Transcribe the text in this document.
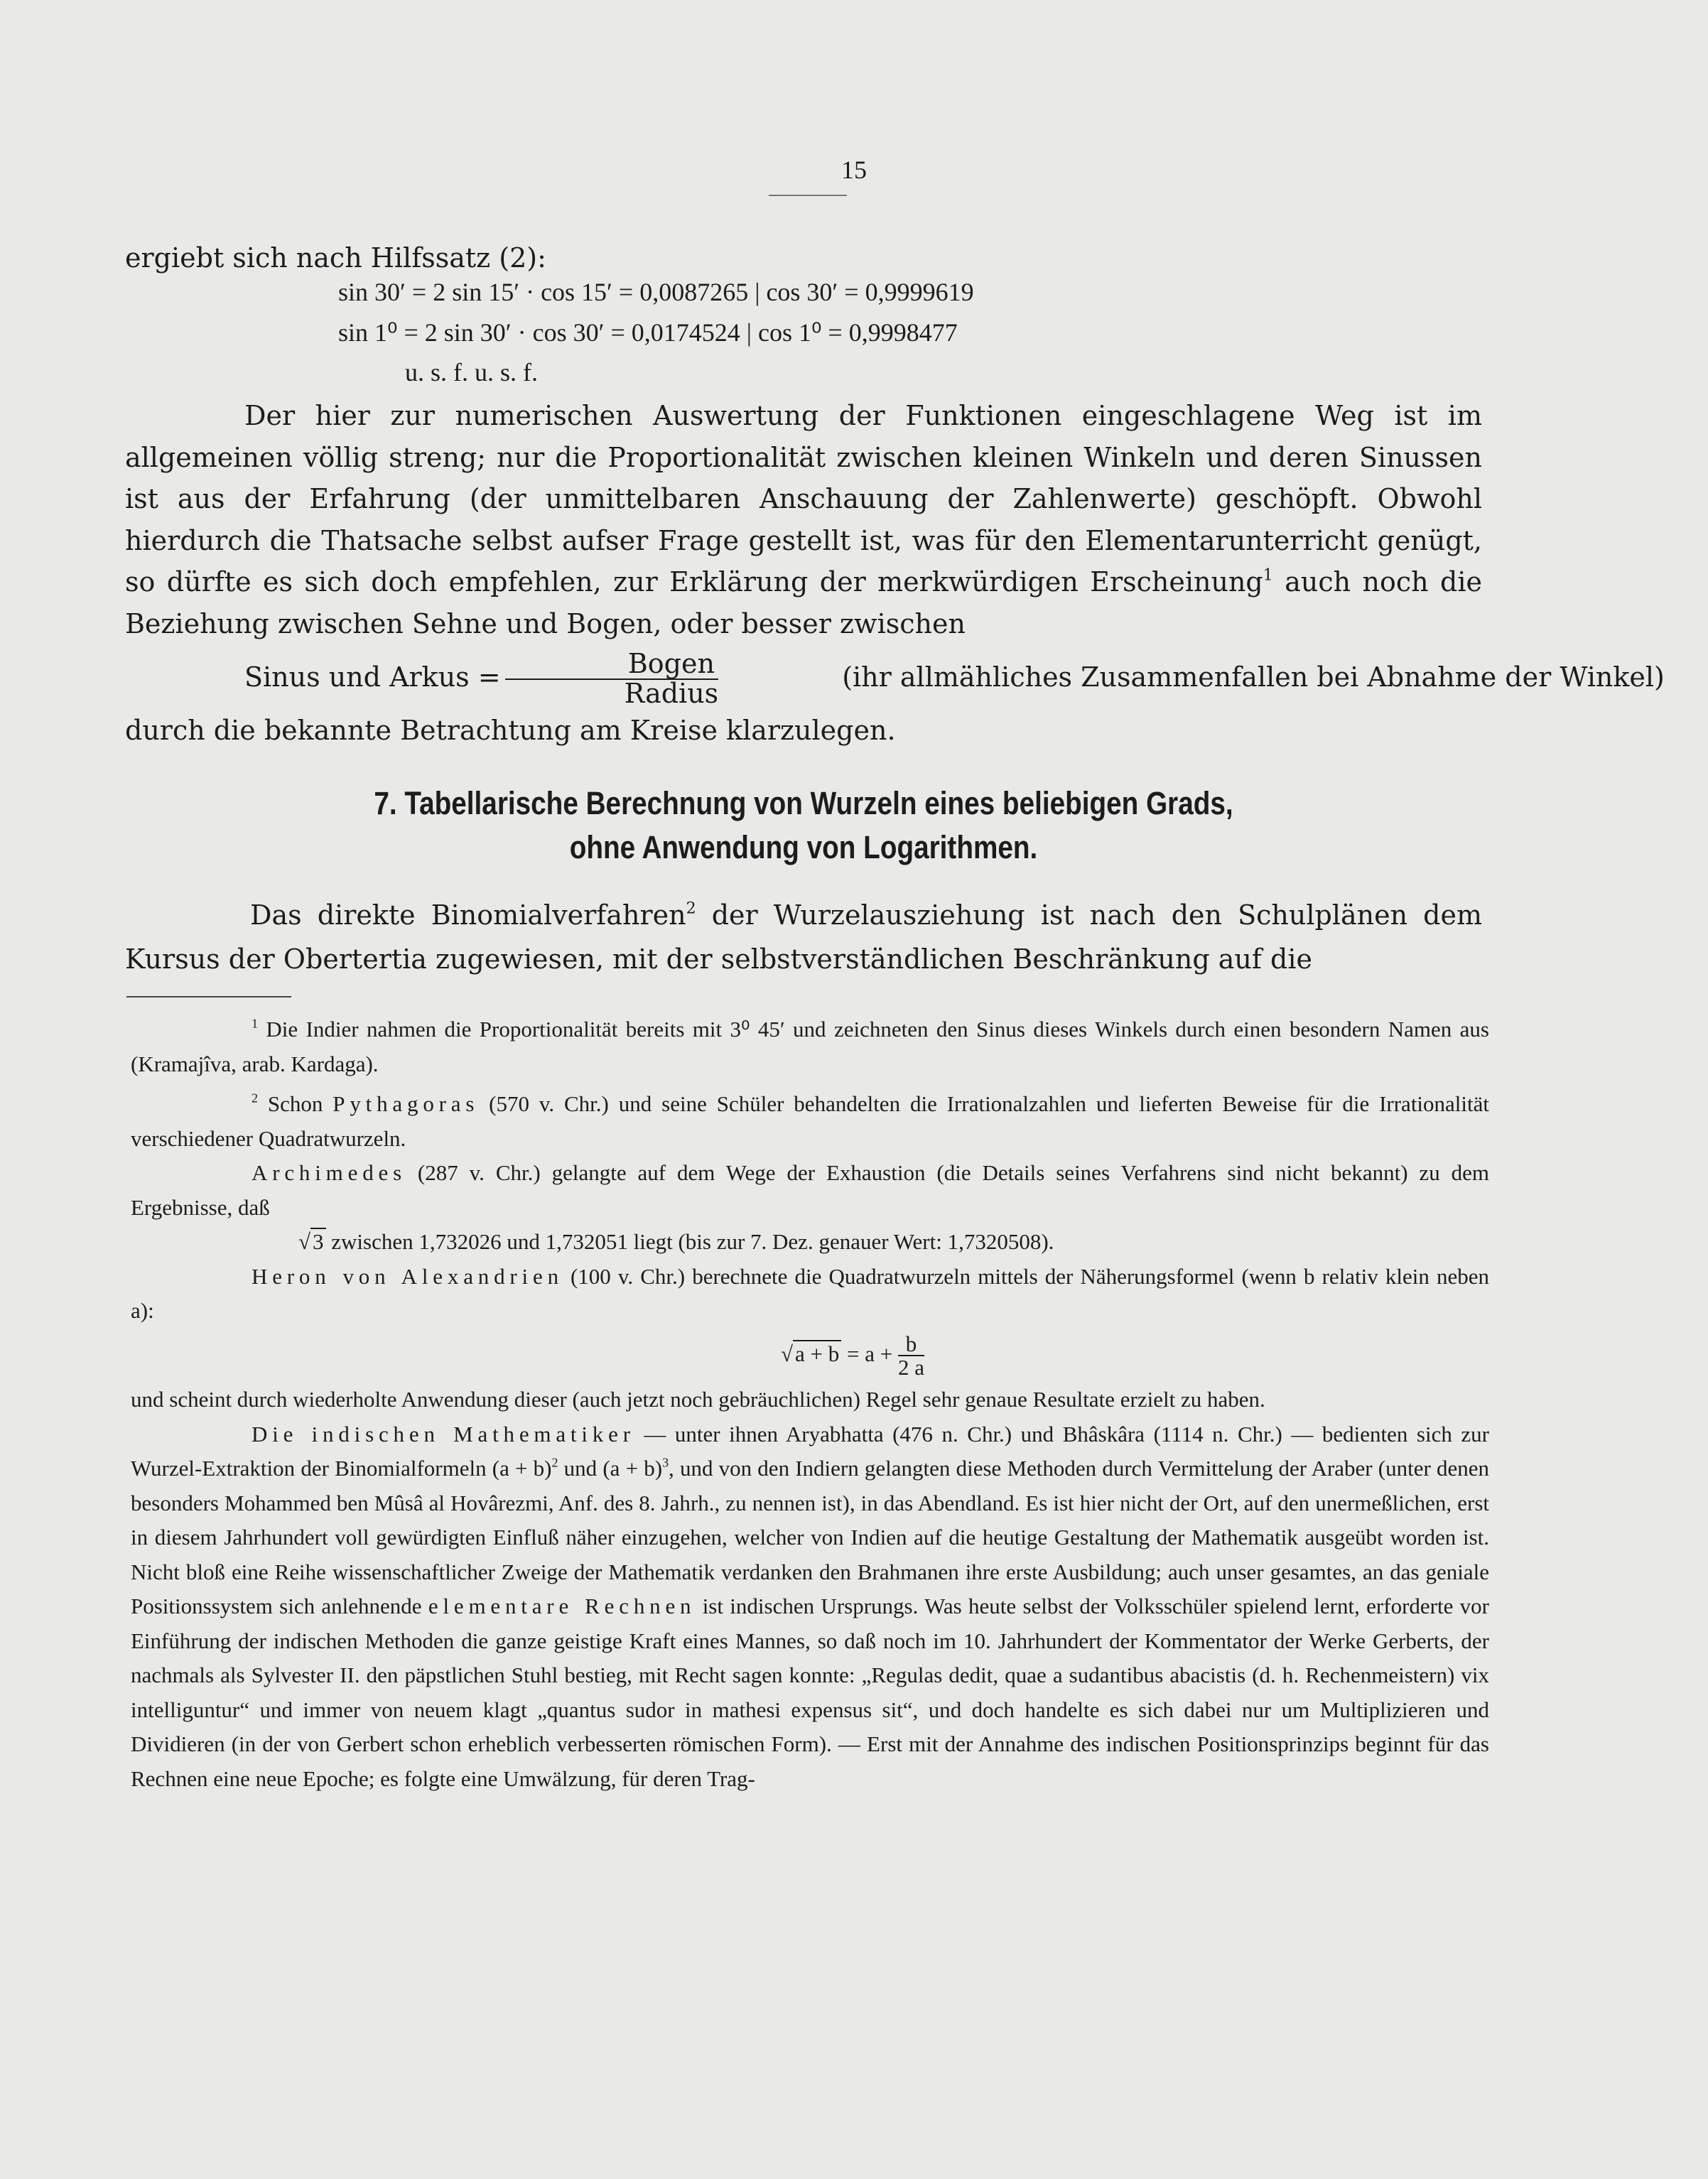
15
ergiebt sich nach Hilfssatz (2):
sin 30′ = 2 sin 15′ · cos 15′ = 0,0087265 | cos 30′ = 0,9999619
sin 1⁰ = 2 sin 30′ · cos 30′ = 0,0174524 | cos 1⁰ = 0,9998477
u. s. f. u. s. f.
Der hier zur numerischen Auswertung der Funktionen eingeschlagene Weg ist im allgemeinen völlig streng; nur die Proportionalität zwischen kleinen Winkeln und deren Sinussen ist aus der Erfahrung (der unmittelbaren Anschauung der Zahlenwerte) geschöpft. Obwohl hierdurch die Thatsache selbst aufser Frage gestellt ist, was für den Elementarunterricht genügt, so dürfte es sich doch empfehlen, zur Erklärung der merkwürdigen Erscheinung$^1$ auch noch die Beziehung zwischen Sehne und Bogen, oder besser zwischen
Sinus und Arkus = $\frac{\text{Bogen}}{\text{Radius}}$	(ihr allmähliches Zusammenfallen bei Abnahme der Winkel)
durch die bekannte Betrachtung am Kreise klarzulegen.
7. Tabellarische Berechnung von Wurzeln eines beliebigen Grads,
ohne Anwendung von Logarithmen.
Das direkte Binomialverfahren$^2$ der Wurzelausziehung ist nach den Schulplänen dem Kursus der Obertertia zugewiesen, mit der selbstverständlichen Beschränkung auf die

$^1$ Die Indier nahmen die Proportionalität bereits mit 3⁰ 45′ und zeichneten den Sinus dieses Winkels durch einen besondern Namen aus (Kramajîva, arab. Kardaga).

$^2$ Schon Pythagoras (570 v. Chr.) und seine Schüler behandelten die Irrationalzahlen und lieferten Beweise für die Irrationalität verschiedener Quadratwurzeln.

Archimedes (287 v. Chr.) gelangte auf dem Wege der Exhaustion (die Details seines Verfahrens sind nicht bekannt) zu dem Ergebnisse, daß

√3 zwischen 1,732026 und 1,732051 liegt (bis zur 7. Dez. genauer Wert: 1,7320508).

Heron von Alexandrien (100 v. Chr.) berechnete die Quadratwurzeln mittels der Näherungsformel (wenn b relativ klein neben a):

$√a + b = a + \frac{b}{2 a}$

und scheint durch wiederholte Anwendung dieser (auch jetzt noch gebräuchlichen) Regel sehr genaue Resultate erzielt zu haben.

Die indischen Mathematiker — unter ihnen Aryabhatta (476 n. Chr.) und Bhâskâra (1114 n. Chr.) — bedienten sich zur Wurzel-Extraktion der Binomialformeln $(a + b)^2$ und $(a + b)^3$, und von den Indiern gelangten diese Methoden durch Vermittelung der Araber (unter denen besonders Mohammed ben Mûsâ al Hovârezmi, Anf. des 8. Jahrh., zu nennen ist), in das Abendland. Es ist hier nicht der Ort, auf den unermeßlichen, erst in diesem Jahrhundert voll gewürdigten Einfluß näher einzugehen, welcher von Indien auf die heutige Gestaltung der Mathematik ausgeübt worden ist. Nicht bloß eine Reihe wissenschaftlicher Zweige der Mathematik verdanken den Brahmanen ihre erste Ausbildung; auch unser gesamtes, an das geniale Positionssystem sich anlehnende elementare Rechnen ist indischen Ursprungs. Was heute selbst der Volksschüler spielend lernt, erforderte vor Einführung der indischen Methoden die ganze geistige Kraft eines Mannes, so daß noch im 10. Jahrhundert der Kommentator der Werke Gerberts, der nachmals als Sylvester II. den päpstlichen Stuhl bestieg, mit Recht sagen konnte: „Regulas dedit, quae a sudantibus abacistis (d. h. Rechenmeistern) vix intelliguntur“ und immer von neuem klagt „quantus sudor in mathesi expensus sit“, und doch handelte es sich dabei nur um Multiplizieren und Dividieren (in der von Gerbert schon erheblich verbesserten römischen Form). — Erst mit der Annahme des indischen Positionsprinzips beginnt für das Rechnen eine neue Epoche; es folgte eine Umwälzung, für deren Trag-
